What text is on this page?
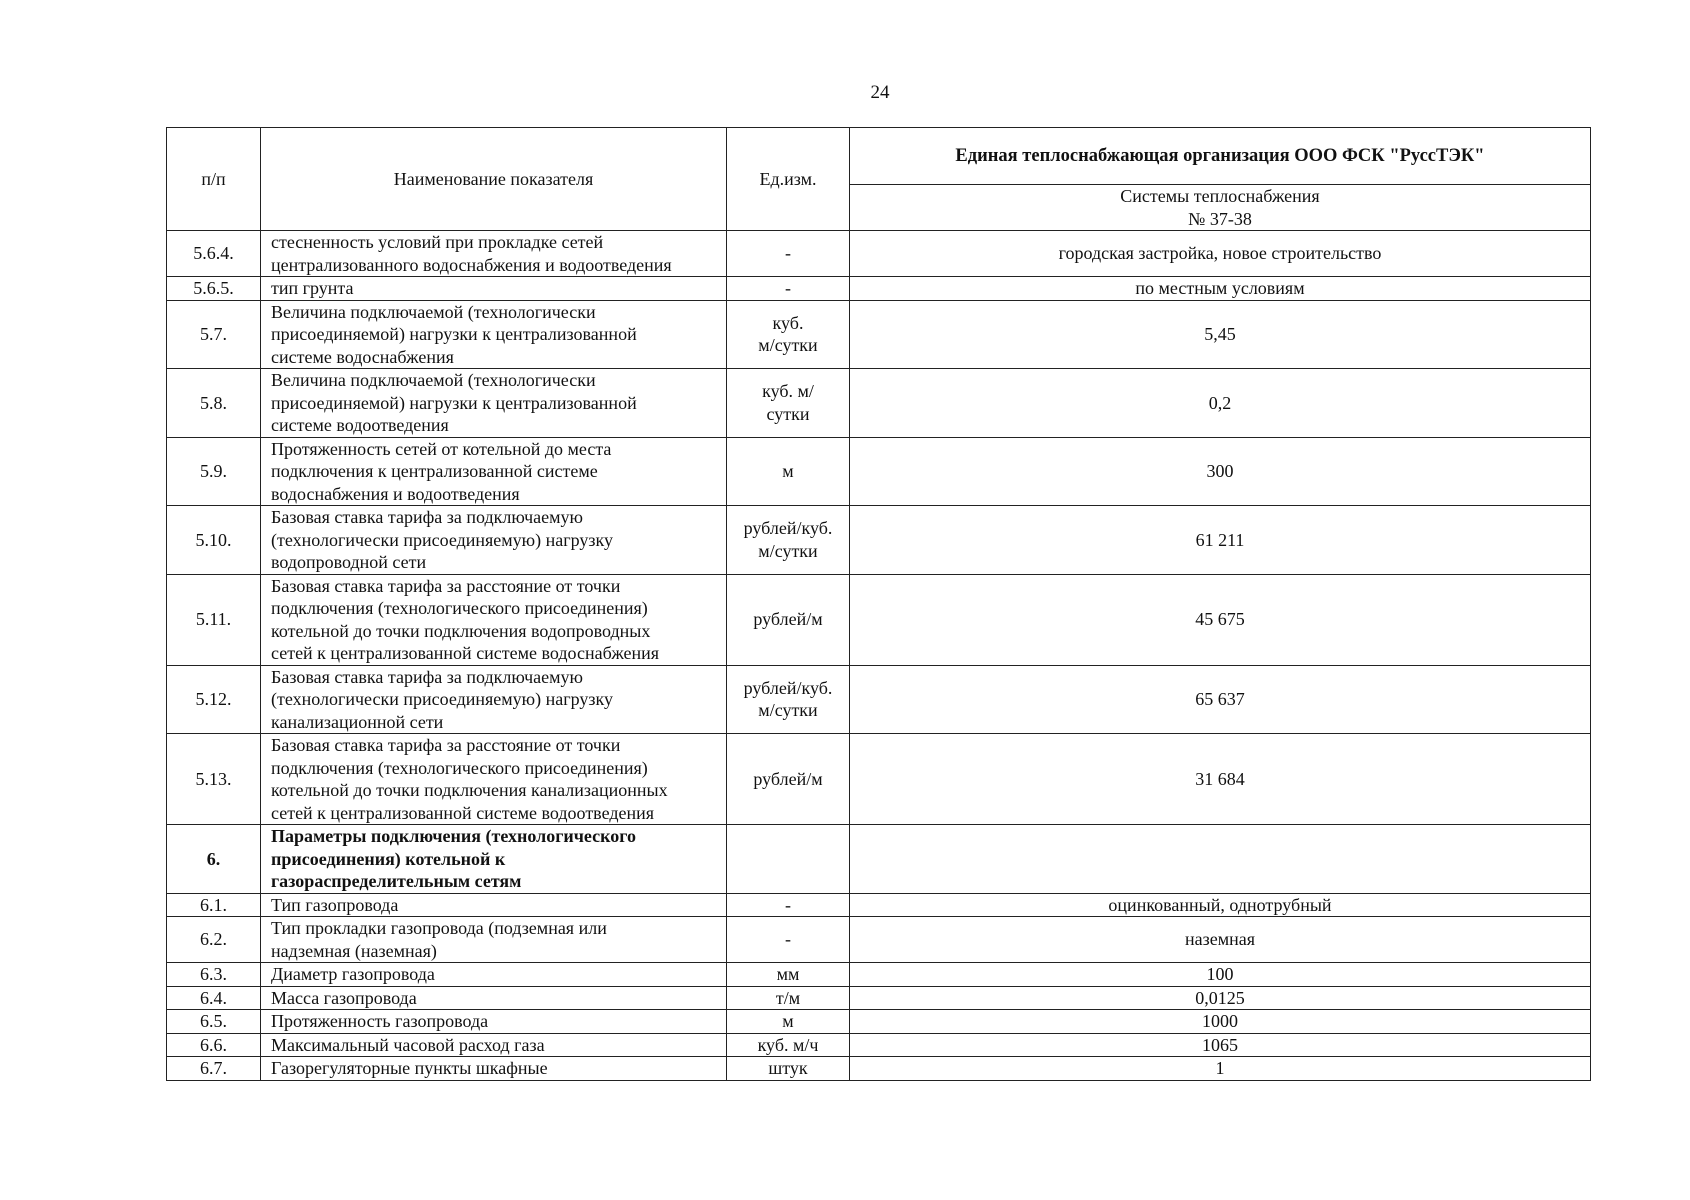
24
п/п	Наименование показателя	Ед.изм.	Единая теплоснабжающая организация ООО ФСК "РуссТЭК"
			Системы теплоснабжения
№ 37-38
5.6.4.	стесненность условий при прокладке сетей
централизованного водоснабжения и водоотведения	-	городская застройка, новое строительство
5.6.5.	тип грунта	-	по местным условиям
5.7.	Величина подключаемой (технологически
присоединяемой) нагрузки к централизованной
системе водоснабжения	куб.
м/сутки	5,45
5.8.	Величина подключаемой (технологически
присоединяемой) нагрузки к централизованной
системе водоотведения	куб. м/
сутки	0,2
5.9.	Протяженность сетей от котельной до места
подключения к централизованной системе
водоснабжения и водоотведения	м	300
5.10.	Базовая ставка тарифа за подключаемую
(технологически присоединяемую) нагрузку
водопроводной сети	рублей/куб.
м/сутки	61 211
5.11.	Базовая ставка тарифа за расстояние от точки
подключения (технологического присоединения)
котельной до точки подключения водопроводных
сетей к централизованной системе водоснабжения	рублей/м	45 675
5.12.	Базовая ставка тарифа за подключаемую
(технологически присоединяемую) нагрузку
канализационной сети	рублей/куб.
м/сутки	65 637
5.13.	Базовая ставка тарифа за расстояние от точки
подключения (технологического присоединения)
котельной до точки подключения канализационных
сетей к централизованной системе водоотведения	рублей/м	31 684
6.	Параметры подключения (технологического
присоединения) котельной к
газораспределительным сетям		
6.1.	Тип газопровода	-	оцинкованный, однотрубный
6.2.	Тип прокладки газопровода (подземная или
надземная (наземная)	-	наземная
6.3.	Диаметр газопровода	мм	100
6.4.	Масса газопровода	т/м	0,0125
6.5.	Протяженность газопровода	м	1000
6.6.	Максимальный часовой расход газа	куб. м/ч	1065
6.7.	Газорегуляторные пункты шкафные	штук	1
